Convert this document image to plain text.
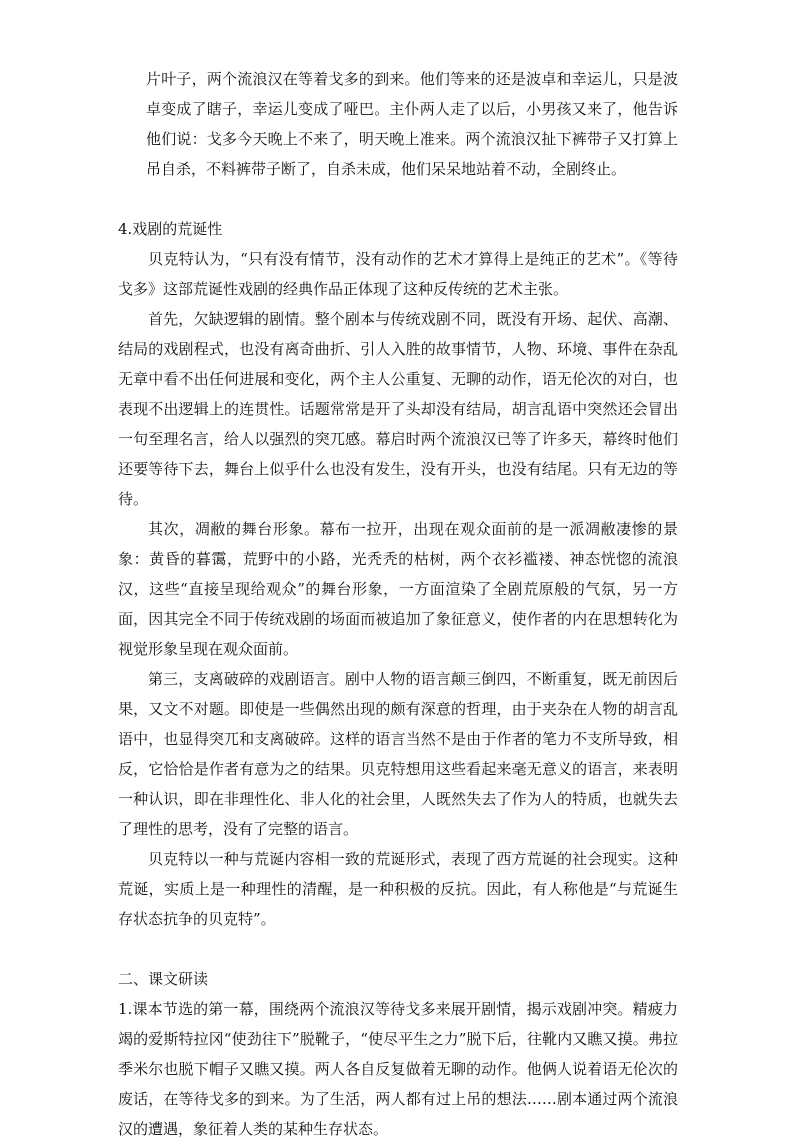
片叶子，两个流浪汉在等着戈多的到来。他们等来的还是波卓和幸运儿，只是波卓变成了瞎子，幸运儿变成了哑巴。主仆两人走了以后，小男孩又来了，他告诉他们说：戈多今天晚上不来了，明天晚上准来。两个流浪汉扯下裤带子又打算上吊自杀，不料裤带子断了，自杀未成，他们呆呆地站着不动，全剧终止。

4.戏剧的荒诞性

贝克特认为，“只有没有情节，没有动作的艺术才算得上是纯正的艺术”。《等待戈多》这部荒诞性戏剧的经典作品正体现了这种反传统的艺术主张。

首先，欠缺逻辑的剧情。整个剧本与传统戏剧不同，既没有开场、起伏、高潮、结局的戏剧程式，也没有离奇曲折、引人入胜的故事情节，人物、环境、事件在杂乱无章中看不出任何进展和变化，两个主人公重复、无聊的动作，语无伦次的对白，也表现不出逻辑上的连贯性。话题常常是开了头却没有结局，胡言乱语中突然还会冒出一句至理名言，给人以强烈的突兀感。幕启时两个流浪汉已等了许多天，幕终时他们还要等待下去，舞台上似乎什么也没有发生，没有开头，也没有结尾。只有无边的等待。

其次，凋敝的舞台形象。幕布一拉开，出现在观众面前的是一派凋敝凄惨的景象：黄昏的暮霭，荒野中的小路，光秃秃的枯树，两个衣衫褴褛、神态恍惚的流浪汉，这些“直接呈现给观众”的舞台形象，一方面渲染了全剧荒原般的气氛，另一方面，因其完全不同于传统戏剧的场面而被追加了象征意义，使作者的内在思想转化为视觉形象呈现在观众面前。

第三，支离破碎的戏剧语言。剧中人物的语言颠三倒四，不断重复，既无前因后果，又文不对题。即使是一些偶然出现的颇有深意的哲理，由于夹杂在人物的胡言乱语中，也显得突兀和支离破碎。这样的语言当然不是由于作者的笔力不支所导致，相反，它恰恰是作者有意为之的结果。贝克特想用这些看起来毫无意义的语言，来表明一种认识，即在非理性化、非人化的社会里，人既然失去了作为人的特质，也就失去了理性的思考，没有了完整的语言。

贝克特以一种与荒诞内容相一致的荒诞形式，表现了西方荒诞的社会现实。这种荒诞，实质上是一种理性的清醒，是一种积极的反抗。因此，有人称他是“与荒诞生存状态抗争的贝克特”。

二、课文研读

1.课本节选的第一幕，围绕两个流浪汉等待戈多来展开剧情，揭示戏剧冲突。精疲力竭的爱斯特拉冈“使劲往下”脱靴子，“使尽平生之力”脱下后，往靴内又瞧又摸。弗拉季米尔也脱下帽子又瞧又摸。两人各自反复做着无聊的动作。他俩人说着语无伦次的废话，在等待戈多的到来。为了生活，两人都有过上吊的想法……剧本通过两个流浪汉的遭遇，象征着人类的某种生存状态。
